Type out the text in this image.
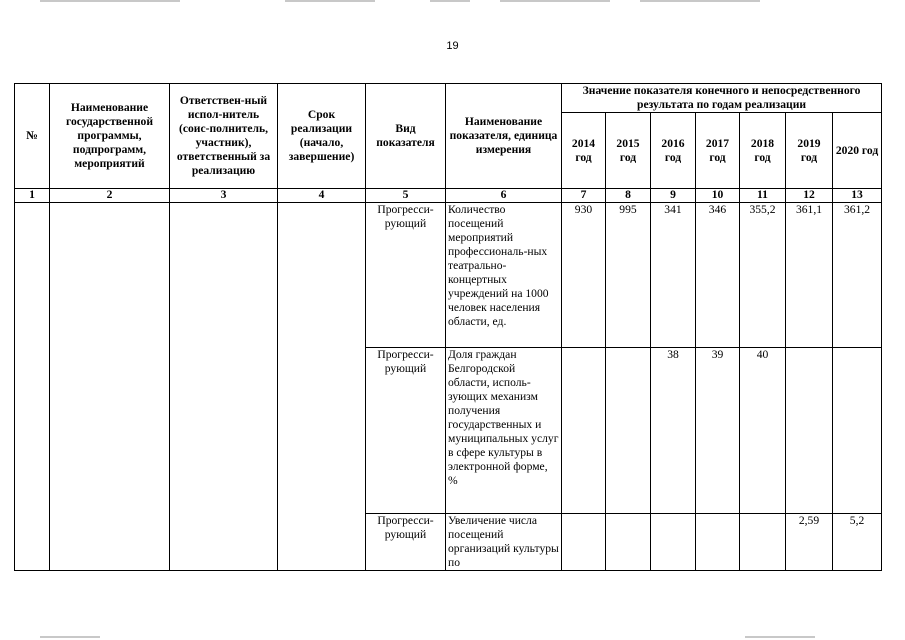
19
№	Наименование государственной программы, подпрограмм, мероприятий	Ответствен-ный испол-нитель (соис-полнитель, участник), ответственный за реализацию	Срок реализации (начало, завершение)	Вид показателя	Наименование показателя, единица измерения	Значение показателя конечного и непосредственного результата по годам реализации						
						2014 год	2015 год	2016 год	2017 год	2018 год	2019 год	2020 год
1	2	3	4	5	6	7	8	9	10	11	12	13
				Прогресси-рующий	Количество посещений мероприятий профессиональ-ных театрально-концертных учреждений на 1000 человек населения области, ед.	930	995	341	346	355,2	361,1	361,2
				Прогресси-рующий	Доля граждан Белгородской области, исполь-зующих механизм получения государственных и муниципальных услуг в сфере культуры в электронной форме, %			38	39	40		

				Прогресси-рующий	Увеличение числа посещений организаций культуры по						2,59	5,2
